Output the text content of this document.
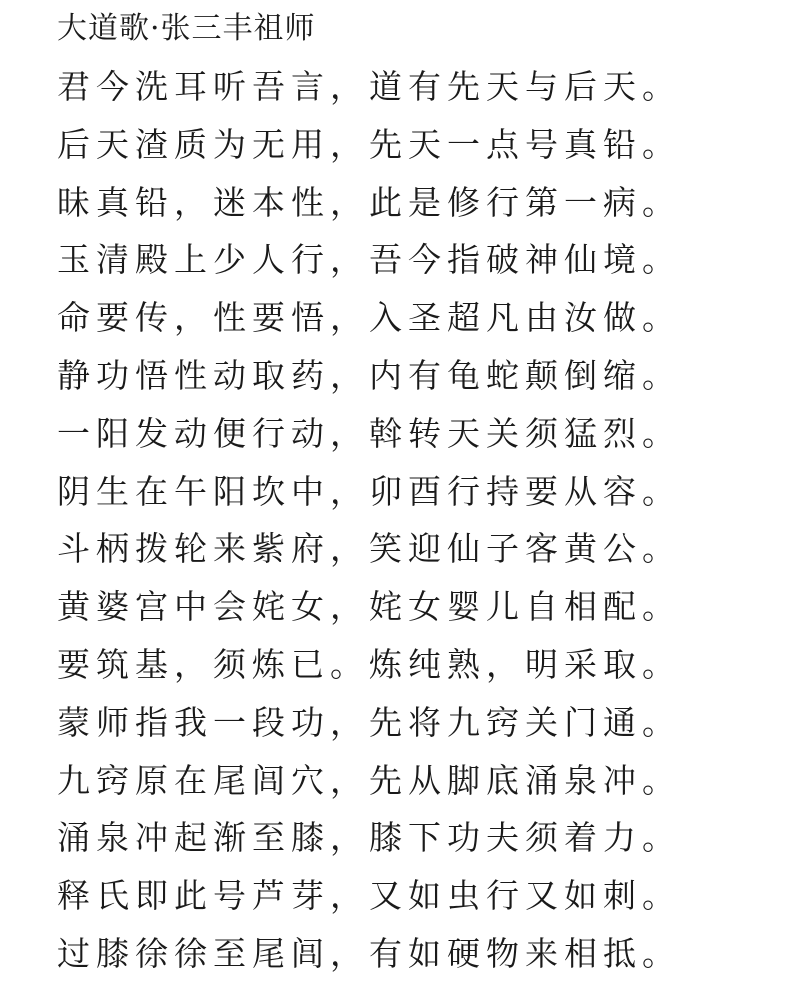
大道歌·张三丰祖师
君今洗耳听吾言，道有先天与后天。
后天渣质为无用，先天一点号真铅。
昧真铅，迷本性，此是修行第一病。
玉清殿上少人行，吾今指破神仙境。
命要传，性要悟，入圣超凡由汝做。
静功悟性动取药，内有龟蛇颠倒缩。
一阳发动便行动，斡转天关须猛烈。
阴生在午阳坎中，卯酉行持要从容。
斗柄拨轮来紫府，笑迎仙子客黄公。
黄婆宫中会姹女，姹女婴儿自相配。
要筑基，须炼已。炼纯熟，明采取。
蒙师指我一段功，先将九窍关门通。
九窍原在尾闾穴，先从脚底涌泉冲。
涌泉冲起渐至膝，膝下功夫须着力。
释氏即此号芦芽，又如虫行又如刺。
过膝徐徐至尾闾，有如硬物来相抵。
